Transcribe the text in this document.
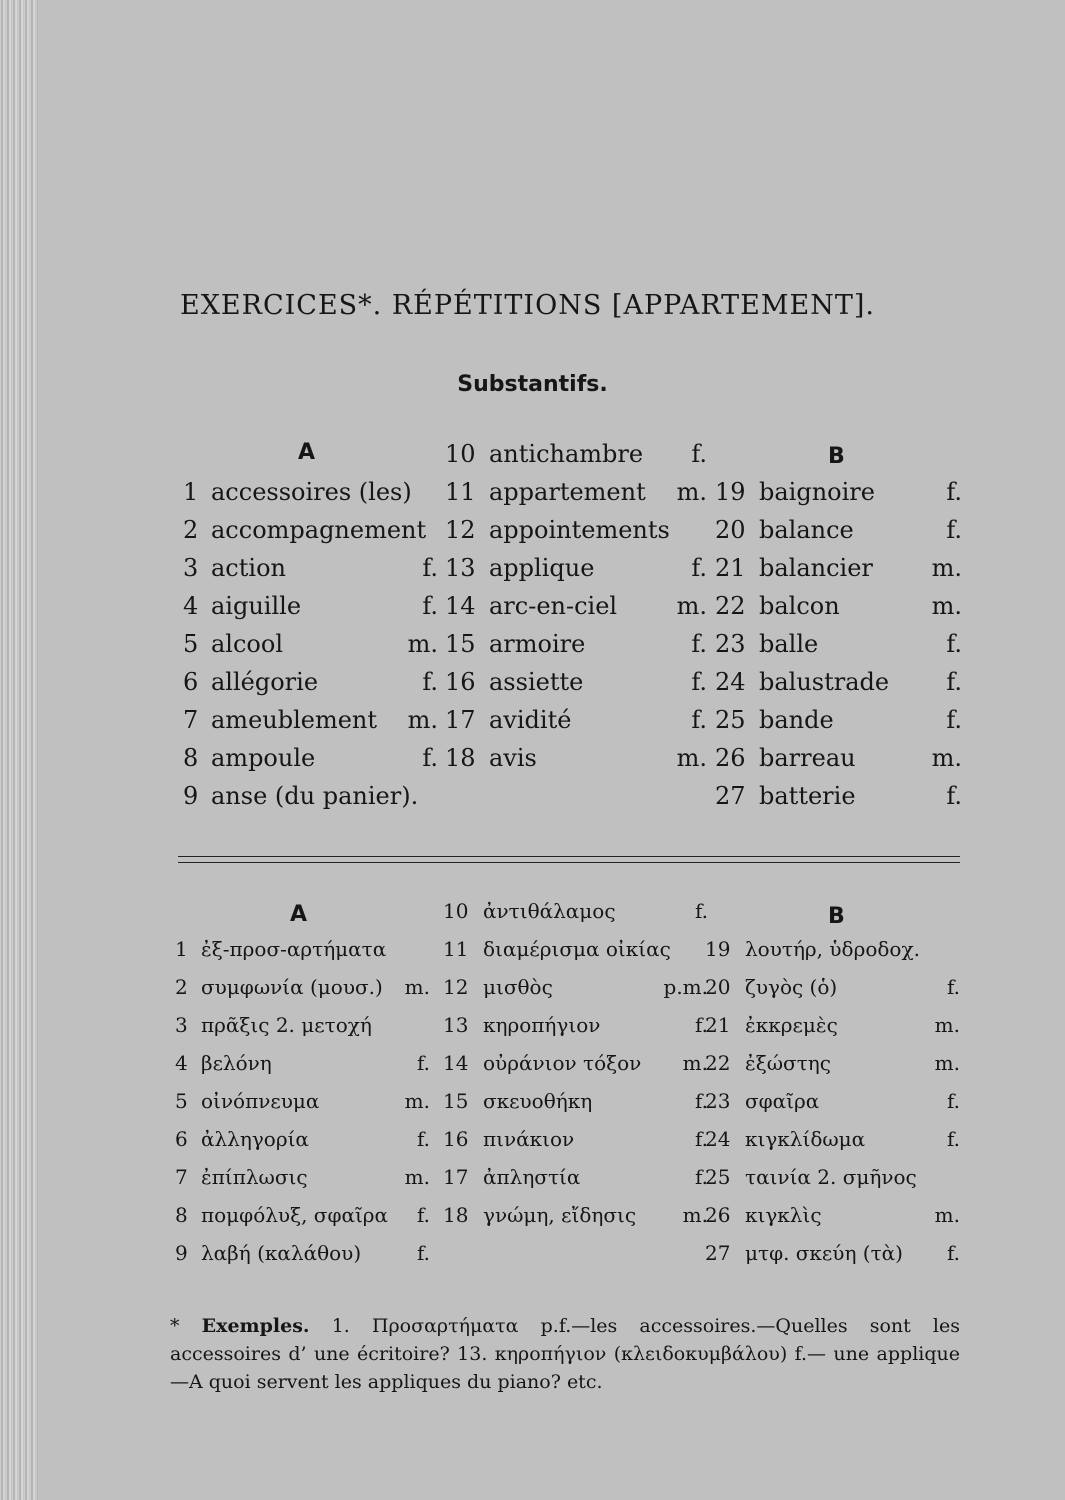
EXERCICES*. RÉPÉTITIONS [APPARTEMENT].
Substantifs.
A	B
1 accessoires (les)
2 accompagnement
3 action	f.
4 aiguille	f.
5 alcool	m.
6 allégorie	f.
7 ameublement m.
8 ampoule	f.
9 anse (du panier).
10 antichambre f.
11 appartement m.
12 appointements
13 applique	f.
14 arc-en-ciel m.
15 armoire	f.
16 assiette	f.
17 avidité	f.
18 avis	m.
19 baignoire	f.
20 balance	f.
21 balancier m.
22 balcon	m.
23 balle	f.
24 balustrade f.
25 bande	f.
26 barreau	m.
27 batterie	f.
A	B
1 ἐξ-προσ-αρτήματα
2 συμφωνία (μουσ.) m.
3 πρᾶξις 2. μετοχή
4 βελόνη	f.
5 οἰνόπνευμα	m.
6 ἀλληγορία	f.
7 ἐπίπλωσις	m.
8 πομφόλυξ, σφαῖρα f.
9 λαβή (καλάθου)	f.
10 ἀντιθάλαμος	f.
11 διαμέρισμα οἰκίας
12 μισθὸς	p.m.
13 κηροπήγιον	f.
14 οὐράνιον τόξον m.
15 σκευοθήκη	f.
16 πινάκιον	f.
17 ἀπληστία	f.
18 γνώμη, εἴδησις m.
19 λουτήρ, ὑδροδοχ.
20 ζυγὸς (ὁ)	f.
21 ἐκκρεμὲς	m.
22 ἐξώστης	m.
23 σφαῖρα	f.
24 κιγκλίδωμα	f.
25 ταινία 2. σμῆνος
26 κιγκλὶς	m.
27 μτφ. σκεύη (τὰ) f.
* Exemples. 1. Προσαρτήματα p.f.—les accessoires.—Quelles sont les accessoires d’ une écritoire? 13. κηροπήγιον (κλειδοκυμβάλου) f.— une applique—A quoi servent les appliques du piano? etc.
